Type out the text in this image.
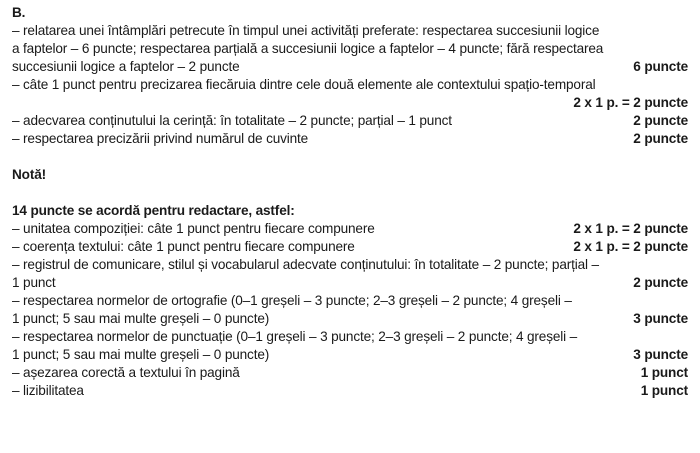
B.
– relatarea unei întâmplări petrecute în timpul unei activități preferate: respectarea succesiunii logice
a faptelor – 6 puncte; respectarea parțială a succesiunii logice a faptelor – 4 puncte; fără respectarea
succesiunii logice a faptelor – 2 puncte	6 puncte
– câte 1 punct pentru precizarea fiecăruia dintre cele două elemente ale contextului spațio-temporal
2 x 1 p. = 2 puncte
– adecvarea conținutului la cerință: în totalitate – 2 puncte; parțial – 1 punct	2 puncte
– respectarea precizării privind numărul de cuvinte	2 puncte
Notă!
14 puncte se acordă pentru redactare, astfel:
– unitatea compoziției: câte 1 punct pentru fiecare compunere	2 x 1 p. = 2 puncte
– coerența textului: câte 1 punct pentru fiecare compunere	2 x 1 p. = 2 puncte
– registrul de comunicare, stilul și vocabularul adecvate conținutului: în totalitate – 2 puncte; parțial –
1 punct	2 puncte
– respectarea normelor de ortografie (0–1 greșeli – 3 puncte; 2–3 greșeli – 2 puncte; 4 greșeli –
1 punct; 5 sau mai multe greșeli – 0 puncte)	3 puncte
– respectarea normelor de punctuație (0–1 greșeli – 3 puncte; 2–3 greșeli – 2 puncte; 4 greșeli –
1 punct; 5 sau mai multe greșeli – 0 puncte)	3 puncte
– așezarea corectă a textului în pagină	1 punct
– lizibilitatea	1 punct
